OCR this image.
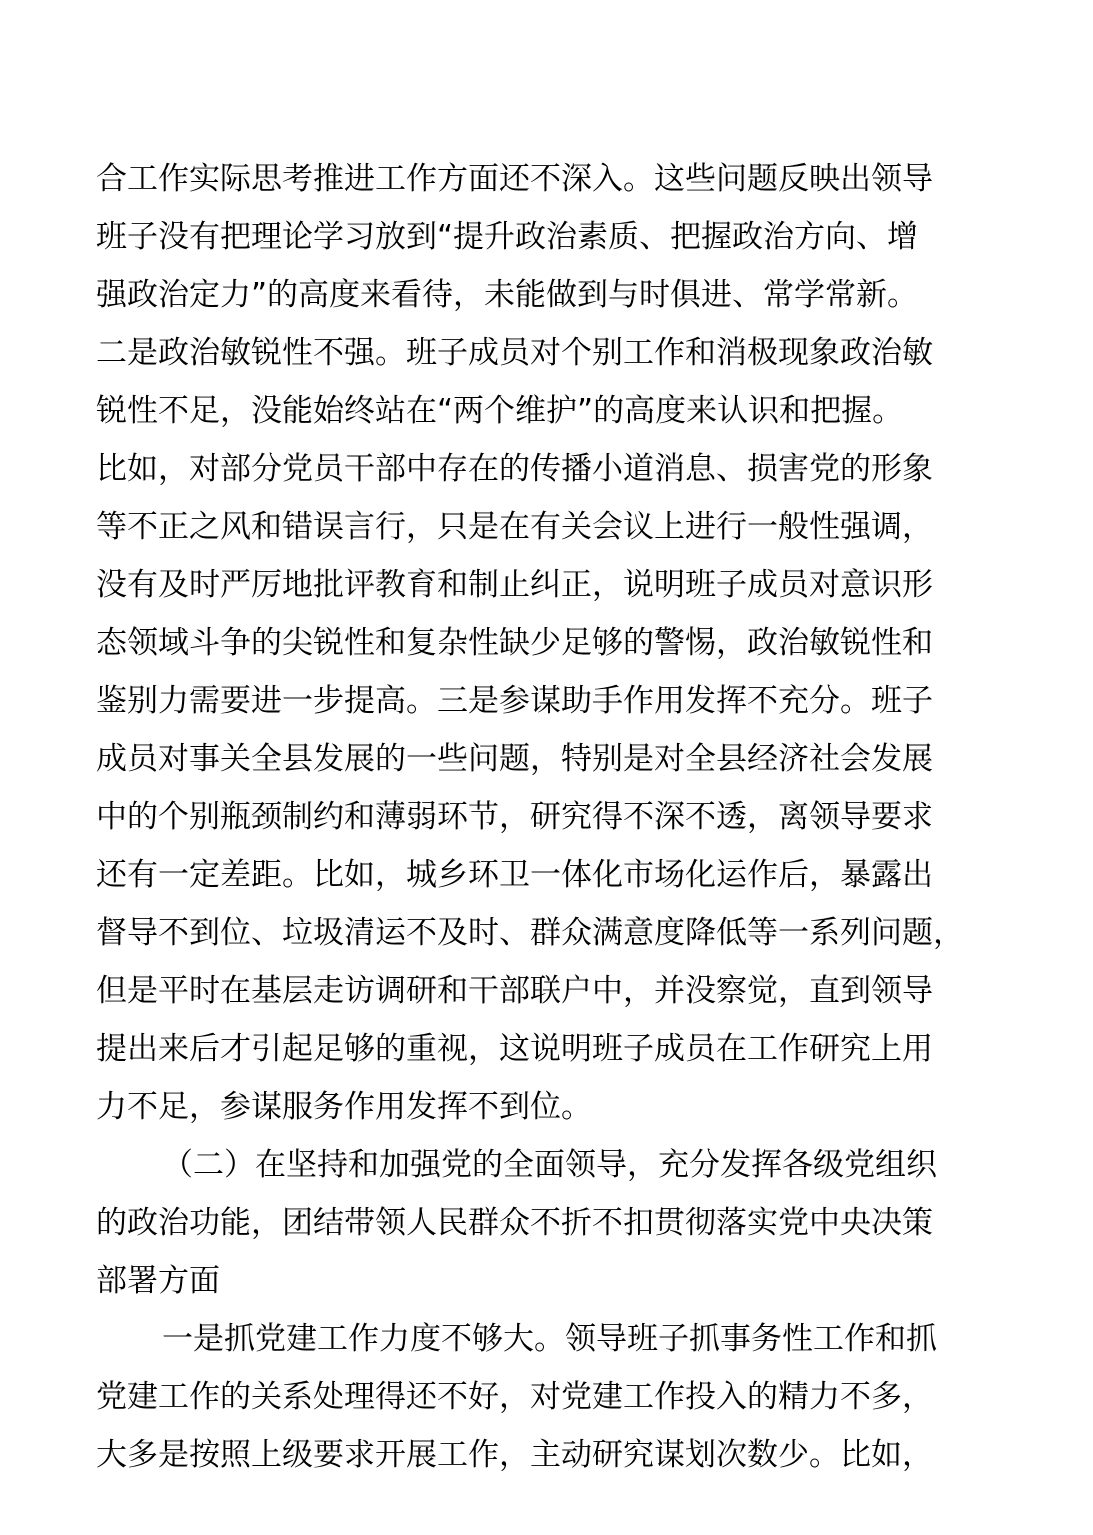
合工作实际思考推进工作方面还不深入。这些问题反映出领导
班子没有把理论学习放到“提升政治素质、把握政治方向、增
强政治定力”的高度来看待，未能做到与时俱进、常学常新。
二是政治敏锐性不强。班子成员对个别工作和消极现象政治敏
锐性不足，没能始终站在“两个维护”的高度来认识和把握。
比如，对部分党员干部中存在的传播小道消息、损害党的形象
等不正之风和错误言行，只是在有关会议上进行一般性强调，
没有及时严厉地批评教育和制止纠正，说明班子成员对意识形
态领域斗争的尖锐性和复杂性缺少足够的警惕，政治敏锐性和
鉴别力需要进一步提高。三是参谋助手作用发挥不充分。班子
成员对事关全县发展的一些问题，特别是对全县经济社会发展
中的个别瓶颈制约和薄弱环节，研究得不深不透，离领导要求
还有一定差距。比如，城乡环卫一体化市场化运作后，暴露出
督导不到位、垃圾清运不及时、群众满意度降低等一系列问题，
但是平时在基层走访调研和干部联户中，并没察觉，直到领导
提出来后才引起足够的重视，这说明班子成员在工作研究上用
力不足，参谋服务作用发挥不到位。

（二）在坚持和加强党的全面领导，充分发挥各级党组织
的政治功能，团结带领人民群众不折不扣贯彻落实党中央决策
部署方面

一是抓党建工作力度不够大。领导班子抓事务性工作和抓
党建工作的关系处理得还不好，对党建工作投入的精力不多，
大多是按照上级要求开展工作，主动研究谋划次数少。比如，
